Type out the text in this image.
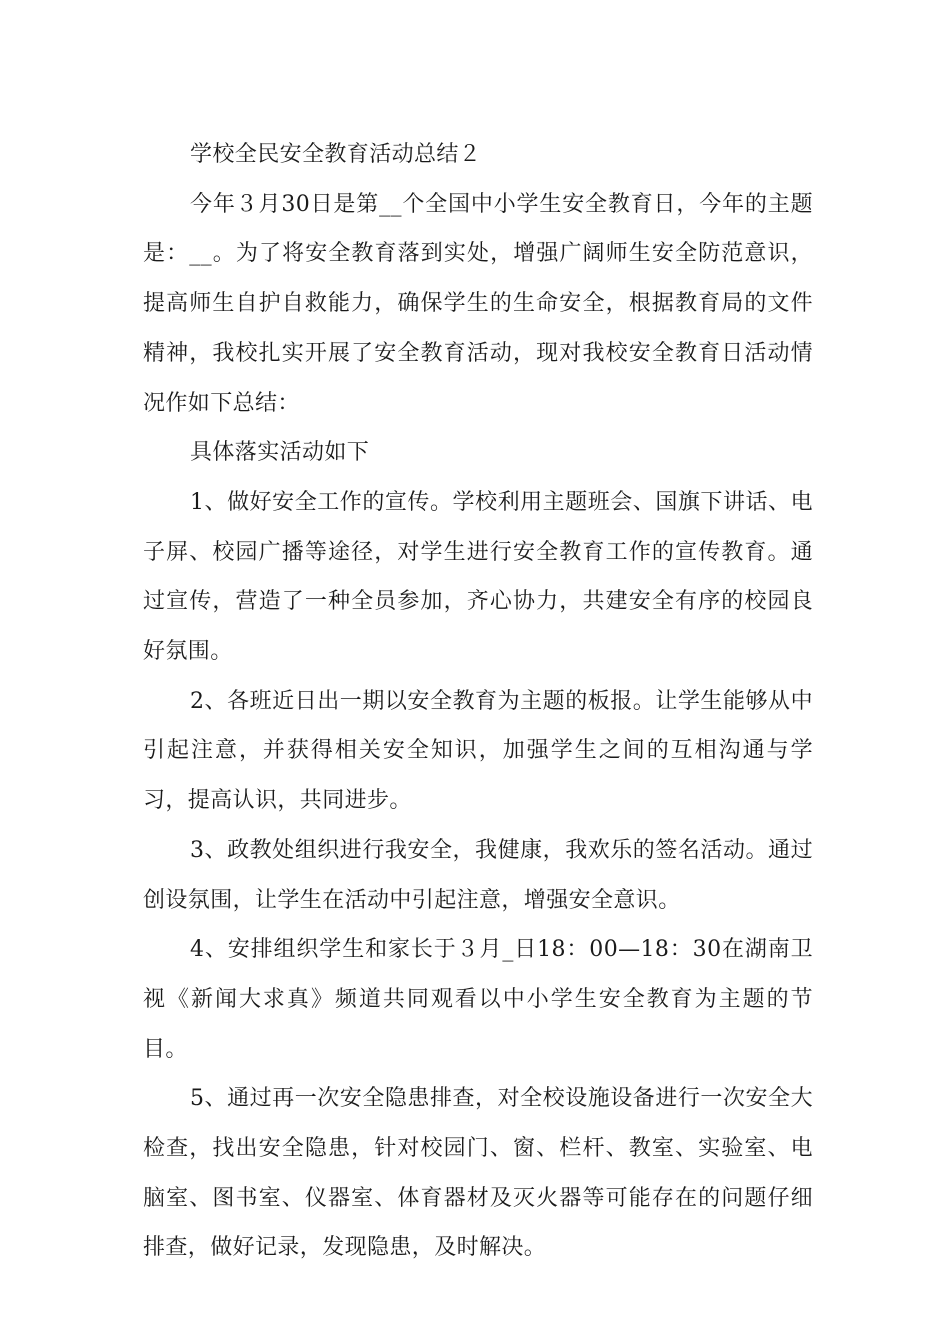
学校全民安全教育活动总结２

今年３月30日是第__个全国中小学生安全教育日，今年的主题是：__。为了将安全教育落到实处，增强广阔师生安全防范意识，提高师生自护自救能力，确保学生的生命安全，根据教育局的文件精神，我校扎实开展了安全教育活动，现对我校安全教育日活动情况作如下总结：

具体落实活动如下

1、做好安全工作的宣传。学校利用主题班会、国旗下讲话、电子屏、校园广播等途径，对学生进行安全教育工作的宣传教育。通过宣传，营造了一种全员参加，齐心协力，共建安全有序的校园良好氛围。

2、各班近日出一期以安全教育为主题的板报。让学生能够从中引起注意，并获得相关安全知识，加强学生之间的互相沟通与学习，提高认识，共同进步。

3、政教处组织进行我安全，我健康，我欢乐的签名活动。通过创设氛围，让学生在活动中引起注意，增强安全意识。

4、安排组织学生和家长于３月_日18：00—18：30在湖南卫视《新闻大求真》频道共同观看以中小学生安全教育为主题的节目。

5、通过再一次安全隐患排查，对全校设施设备进行一次安全大检查，找出安全隐患，针对校园门、窗、栏杆、教室、实验室、电脑室、图书室、仪器室、体育器材及灭火器等可能存在的问题仔细排查，做好记录，发现隐患，及时解决。
